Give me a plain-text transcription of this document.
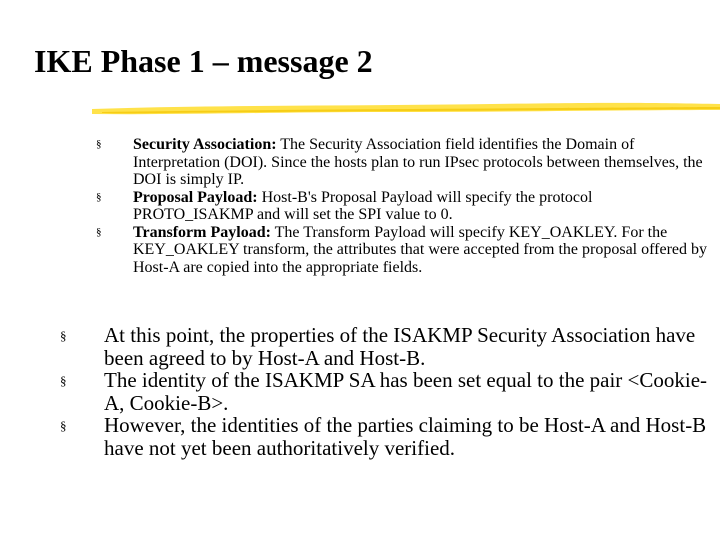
IKE Phase 1 – message 2
§	Security Association: The Security Association field identifies the Domain of Interpretation (DOI). Since the hosts plan to run IPsec protocols between themselves, the DOI is simply IP.
§	Proposal Payload: Host-B's Proposal Payload will specify the protocol PROTO_ISAKMP and will set the SPI value to 0.
§	Transform Payload: The Transform Payload will specify KEY_OAKLEY. For the KEY_OAKLEY transform, the attributes that were accepted from the proposal offered by Host-A are copied into the appropriate fields.
§	At this point, the properties of the ISAKMP Security Association have been agreed to by Host-A and Host-B.
§	The identity of the ISAKMP SA has been set equal to the pair <Cookie-A, Cookie-B>.
§	However, the identities of the parties claiming to be Host-A and Host-B have not yet been authoritatively verified.
